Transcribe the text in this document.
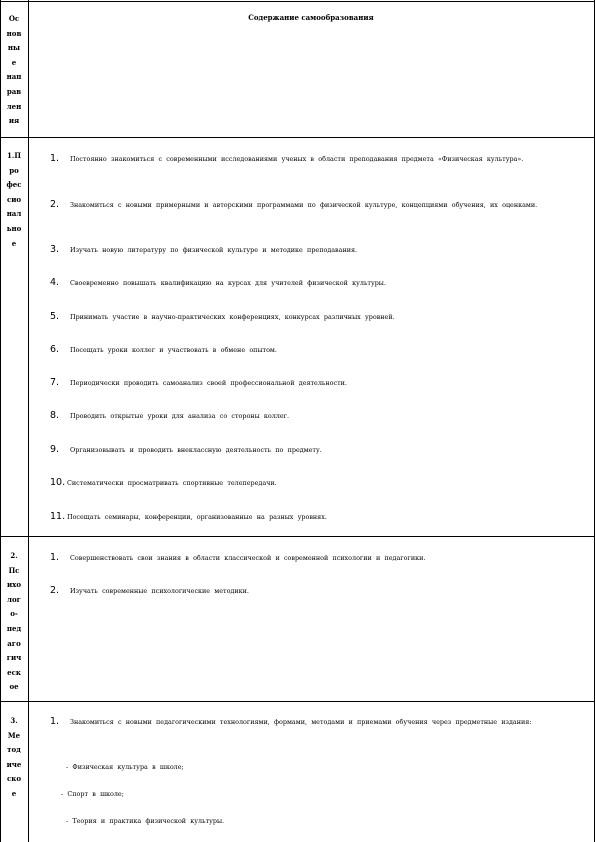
Ос
нов
ны
е
нап
рав
лен
ия
Содержание самообразования
1.П
ро
фес
сио
нал
ьно
е
1. Постоянно знакомиться с современными исследованиями ученых в области преподавания предмета «Физическая культура».
2. Знакомиться с новыми примерными и авторскими программами по физической культуре, концепциями обучения, их оценками.
3. Изучать новую литературу по физической культуре и методике преподавания.
4. Своевременно повышать квалификацию на курсах для учителей физической культуры.
5. Принимать участие в научно-практических конференциях, конкурсах различных уровней.
6. Посещать уроки коллег и участвовать в обмене опытом.
7. Периодически проводить самоанализ своей профессиональной деятельности.
8. Проводить открытые уроки для анализа со стороны коллег.
9. Организовывать и проводить внеклассную деятельность по предмету.
10. Систематически просматривать спортивные телепередачи.
11. Посещать семинары, конференции, организованные на разных уровнях.
2.
Пс
ихо
лог
о-
пед
аго
гич
еск
ое
1. Совершенствовать свои знания в области классической и современной психологии и педагогики.
2. Изучать современные психологические методики.
3.
Ме
тод
иче
ско
е
1. Знакомиться с новыми педагогическими технологиями, формами, методами и приемами обучения через предметные издания:
- Физическая культура в школе;
- Спорт в школе;
- Теория и практика физической культуры.
